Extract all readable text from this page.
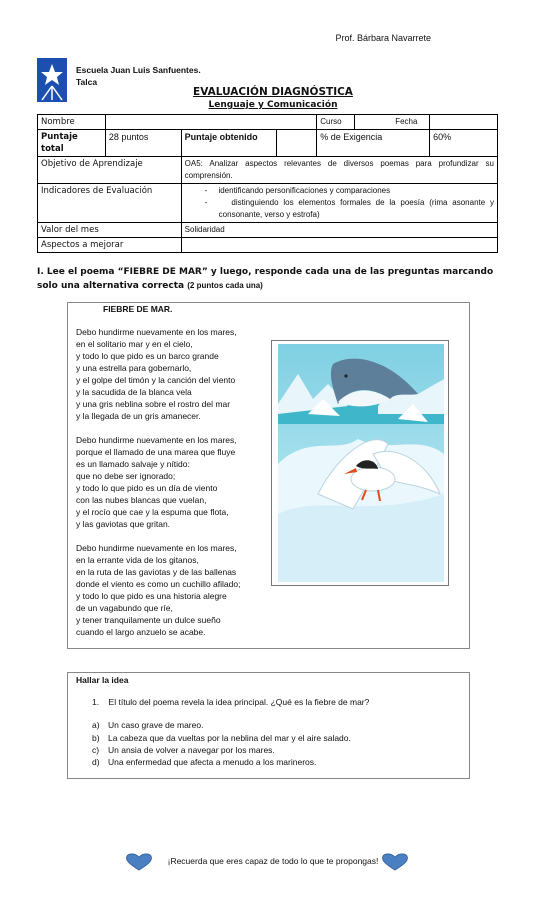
Prof. Bárbara Navarrete
Escuela Juan Luis Sanfuentes.
Talca
EVALUACIÓN DIAGNÓSTICA
Lenguaje y Comunicación
Nombre				Curso	Fecha	
Puntaje total	28 puntos	Puntaje obtenido		% de Exigencia		60%
Objetivo de Aprendizaje		OA5: Analizar aspectos relevantes de diversos poemas para profundizar su comprensión.				
Indicadores de Evaluación		-     identificando personificaciones y comparaciones
-     distinguiendo los elementos formales de la poesía (rima asonante y consonante, verso y estrofa)				

Valor del mes		Solidaridad				
Aspectos a mejorar						
I. Lee el poema “FIEBRE DE MAR” y luego, responde cada una de las preguntas marcando solo una alternativa correcta (2 puntos cada una)
FIEBRE DE MAR.
Debo hundirme nuevamente en los mares,
en el solitario mar y en el cielo,
y todo lo que pido es un barco grande
y una estrella para gobernarlo,
y el golpe del timón y la canción del viento
y la sacudida de la blanca vela
y una gris neblina sobre el rostro del mar
y la llegada de un gris amanecer.
Debo hundirme nuevamente en los mares,
porque el llamado de una marea que fluye
es un llamado salvaje y nítido:
que no debe ser ignorado;
y todo lo que pido es un día de viento
con las nubes blancas que vuelan,
y el rocío que cae y la espuma que flota,
y las gaviotas que gritan.
Debo hundirme nuevamente en los mares,
en la errante vida de los gitanos,
en la ruta de las gaviotas y de las ballenas
donde el viento es como un cuchillo afilado;
y todo lo que pido es una historia alegre
de un vagabundo que ríe,
y tener tranquilamente un dulce sueño
cuando el largo anzuelo se acabe.
Hallar la idea
1. El título del poema revela la idea principal. ¿Qué es la fiebre de mar?
a) Un caso grave de mareo.
b) La cabeza que da vueltas por la neblina del mar y el aire salado.
c) Un ansia de volver a navegar por los mares.
d) Una enfermedad que afecta a menudo a los marineros.
¡Recuerda que eres capaz de todo lo que te propongas!
